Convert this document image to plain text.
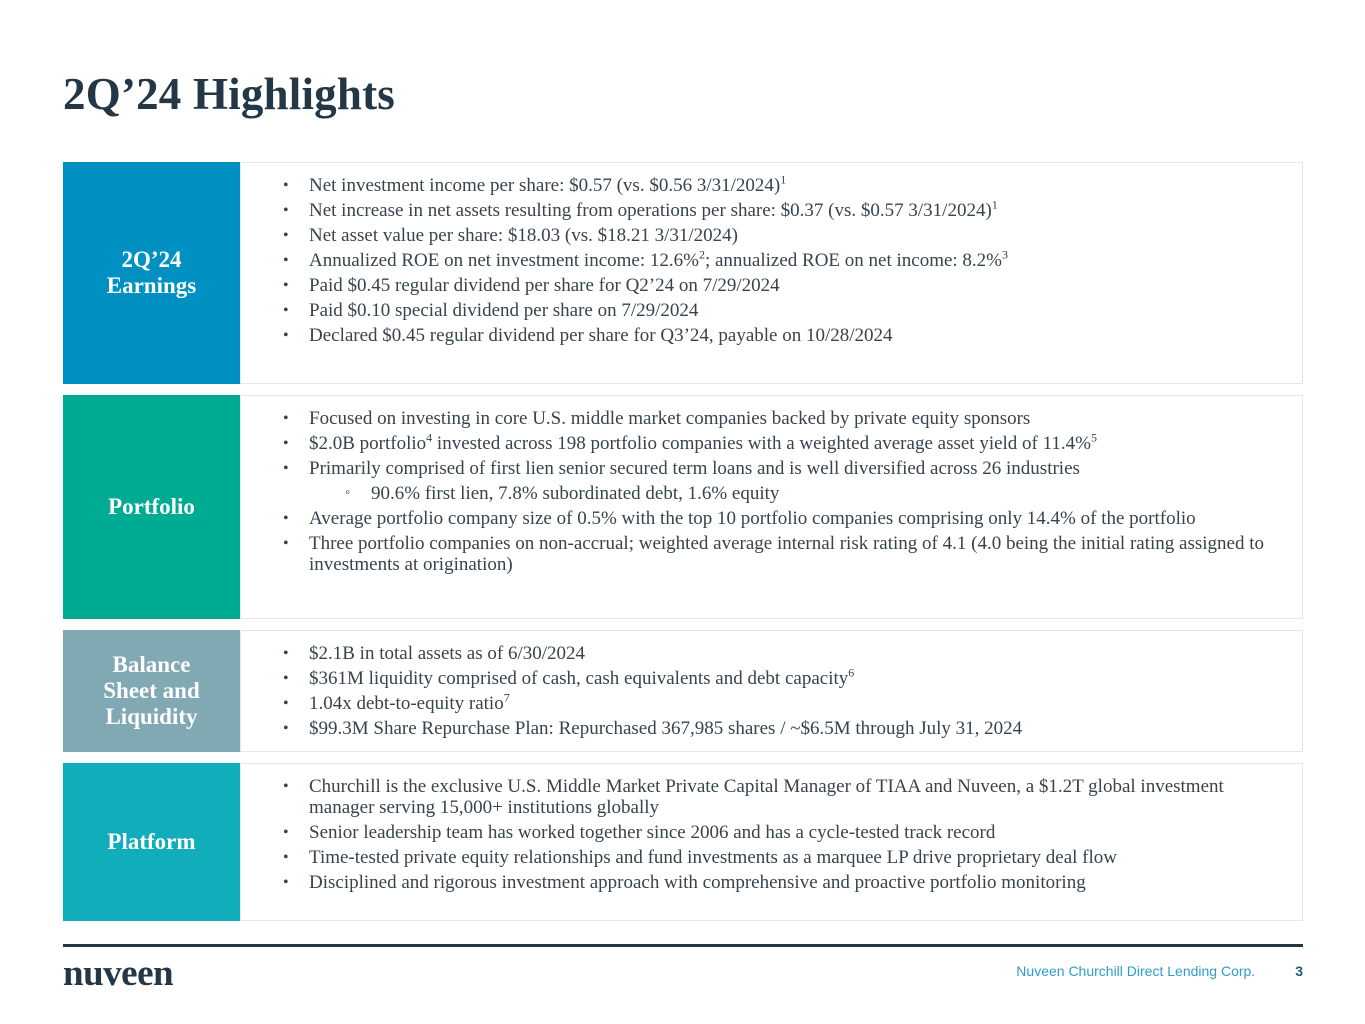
2Q’24 Highlights
2Q’24
Earnings
•	Net investment income per share: $0.57 (vs. $0.56 3/31/2024)$^1$
•	Net increase in net assets resulting from operations per share: $0.37 (vs. $0.57 3/31/2024)$^1$
•	Net asset value per share: $18.03 (vs. $18.21 3/31/2024)
•	Annualized ROE on net investment income: 12.6%$^2$; annualized ROE on net income: 8.2%$^3$
•	Paid $0.45 regular dividend per share for Q2’24 on 7/29/2024
•	Paid $0.10 special dividend per share on 7/29/2024
•	Declared $0.45 regular dividend per share for Q3’24, payable on 10/28/2024
Portfolio
•	Focused on investing in core U.S. middle market companies backed by private equity sponsors
•	$2.0B portfolio$^4$ invested across 198 portfolio companies with a weighted average asset yield of 11.4%$^5$
•	Primarily comprised of first lien senior secured term loans and is well diversified across 26 industries
◦	90.6% first lien, 7.8% subordinated debt, 1.6% equity
•	Average portfolio company size of 0.5% with the top 10 portfolio companies comprising only 14.4% of the portfolio
•	Three portfolio companies on non-accrual; weighted average internal risk rating of 4.1 (4.0 being the initial rating assigned to investments at origination)
Balance
Sheet and
Liquidity
•	$2.1B in total assets as of 6/30/2024
•	$361M liquidity comprised of cash, cash equivalents and debt capacity$^6$
•	1.04x debt-to-equity ratio$^7$
•	$99.3M Share Repurchase Plan: Repurchased 367,985 shares / ~$6.5M through July 31, 2024
Platform
•	Churchill is the exclusive U.S. Middle Market Private Capital Manager of TIAA and Nuveen, a $1.2T global investment manager serving 15,000+ institutions globally
•	Senior leadership team has worked together since 2006 and has a cycle-tested track record
•	Time-tested private equity relationships and fund investments as a marquee LP drive proprietary deal flow
•	Disciplined and rigorous investment approach with comprehensive and proactive portfolio monitoring
nuveen	Nuveen Churchill Direct Lending Corp.	3
